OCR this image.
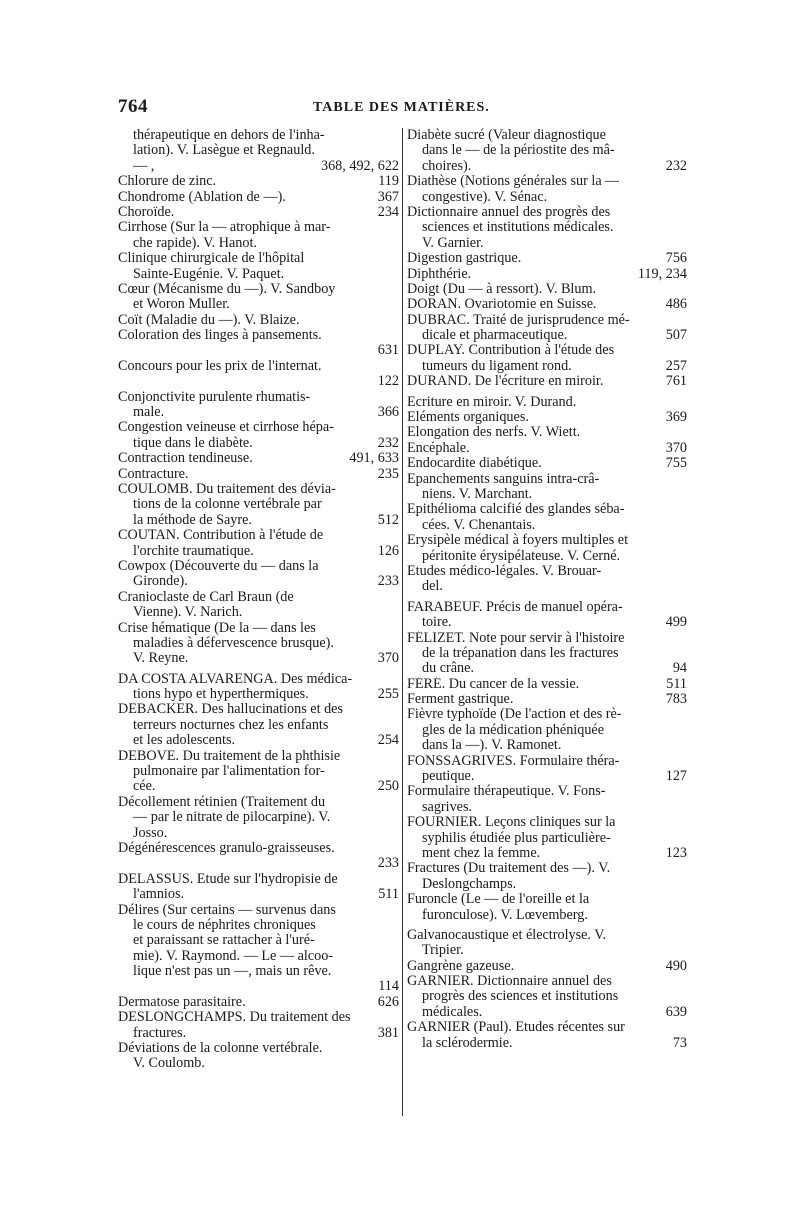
764	TABLE DES MATIÈRES.
thérapeutique en dehors de l'inha-
lation). V. Lasègue et Regnauld.
— ,	368, 492, 622
Chlorure de zinc.	119
Chondrome (Ablation de —).	367
Choroïde.	234
Cirrhose (Sur la — atrophique à mar-
che rapide). V. Hanot.
Clinique chirurgicale de l'hôpital
Sainte-Eugénie. V. Paquet.
Cœur (Mécanisme du —). V. Sandboy
et Woron Muller.
Coït (Maladie du —). V. Blaize.
Coloration des linges à pansements.
631
Concours pour les prix de l'internat.
122
Conjonctivite purulente rhumatis-
male.	366
Congestion veineuse et cirrhose hépa-
tique dans le diabète.	232
Contraction tendineuse.	491, 633
Contracture.	235
COULOMB. Du traitement des dévia-
tions de la colonne vertébrale par
la méthode de Sayre.	512
COUTAN. Contribution à l'étude de
l'orchite traumatique.	126
Cowpox (Découverte du — dans la
Gironde).	233
Cranioclaste de Carl Braun (de
Vienne). V. Narich.
Crise hématique (De la — dans les
maladies à défervescence brusque).
V. Reyne.	370
DA COSTA ALVARENGA. Des médica-
tions hypo et hyperthermiques.	255
DEBACKER. Des hallucinations et des
terreurs nocturnes chez les enfants
et les adolescents.	254
DEBOVE. Du traitement de la phthisie
pulmonaire par l'alimentation for-
cée.	250
Décollement rétinien (Traitement du
— par le nitrate de pilocarpine). V.
Josso.
Dégénérescences granulo-graisseuses.
233
DELASSUS. Etude sur l'hydropisie de
l'amnios.	511
Délires (Sur certains — survenus dans
le cours de néphrites chroniques
et paraissant se rattacher à l'uré-
mie). V. Raymond. — Le — alcoo-
lique n'est pas un —, mais un rêve.
114
Dermatose parasitaire.	626
DESLONGCHAMPS. Du traitement des
fractures.	381
Déviations de la colonne vertébrale.
V. Coulomb.
Diabète sucré (Valeur diagnostique
dans le — de la périostite des mâ-
choires).	232
Diathèse (Notions générales sur la —
congestive). V. Sénac.
Dictionnaire annuel des progrès des
sciences et institutions médicales.
V. Garnier.
Digestion gastrique.	756
Diphthérie.	119, 234
Doigt (Du — à ressort). V. Blum.
DORAN. Ovariotomie en Suisse.	486
DUBRAC. Traité de jurisprudence mé-
dicale et pharmaceutique.	507
DUPLAY. Contribution à l'étude des
tumeurs du ligament rond.	257
DURAND. De l'écriture en miroir.	761
Ecriture en miroir. V. Durand.
Eléments organiques.	369
Elongation des nerfs. V. Wiett.
Encéphale.	370
Endocardite diabétique.	755
Epanchements sanguins intra-crâ-
niens. V. Marchant.
Epithélioma calcifié des glandes séba-
cées. V. Chenantais.
Erysipèle médical à foyers multiples et
péritonite érysipélateuse. V. Cerné.
Etudes médico-légales. V. Brouar-
del.
FARABEUF. Précis de manuel opéra-
toire.	499
FÉLIZET. Note pour servir à l'histoire
de la trépanation dans les fractures
du crâne.	94
FÉRÉ. Du cancer de la vessie.	511
Ferment gastrique.	783
Fièvre typhoïde (De l'action et des rè-
gles de la médication phéniquée
dans la —). V. Ramonet.
FONSSAGRIVES. Formulaire théra-
peutique.	127
Formulaire thérapeutique. V. Fons-
sagrives.
FOURNIER. Leçons cliniques sur la
syphilis étudiée plus particulière-
ment chez la femme.	123
Fractures (Du traitement des —). V.
Deslongchamps.
Furoncle (Le — de l'oreille et la
furonculose). V. Lœvemberg.
Galvanocaustique et électrolyse. V.
Tripier.
Gangrène gazeuse.	490
GARNIER. Dictionnaire annuel des
progrès des sciences et institutions
médicales.	639
GARNIER (Paul). Etudes récentes sur
la sclérodermie.	73
